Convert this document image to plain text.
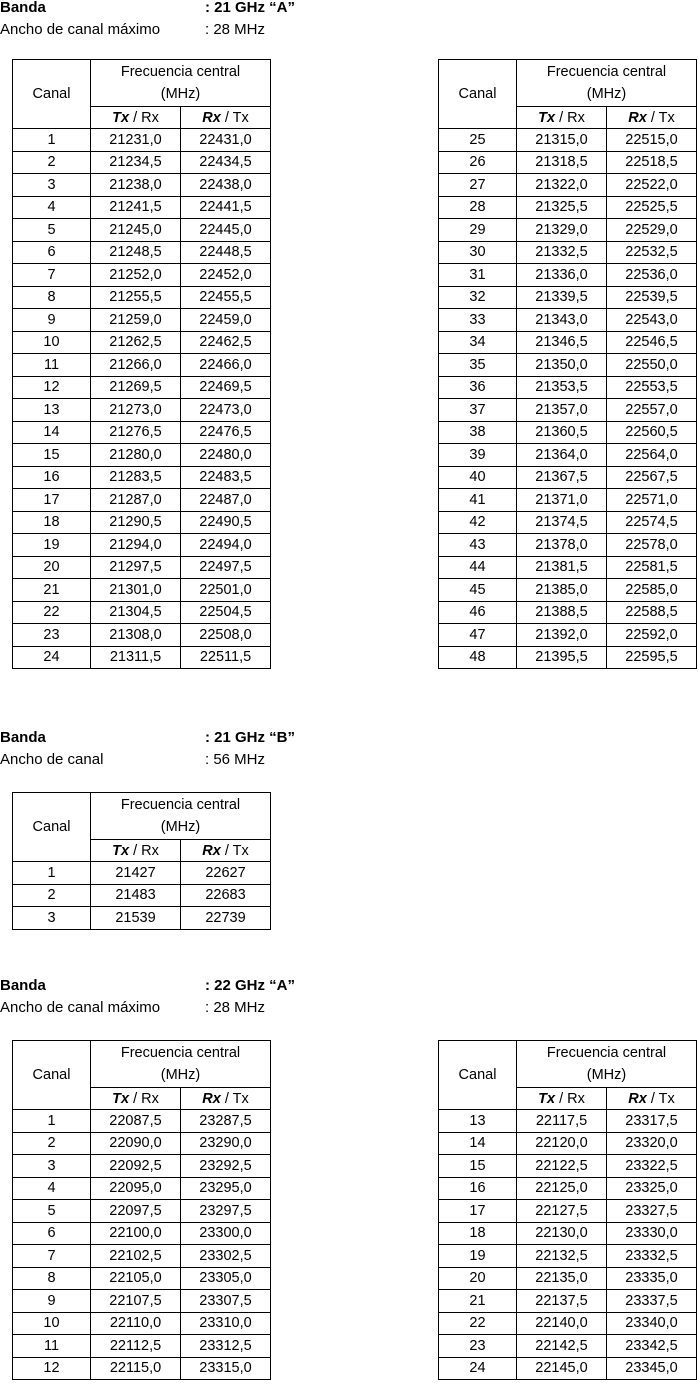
Banda	: 21 GHz “A”
Ancho de canal máximo	: 28 MHz
Banda	: 21 GHz “B”
Ancho de canal	: 56 MHz
Banda	: 22 GHz “A”
Ancho de canal máximo	: 28 MHz
Canal	Frecuencia central
(MHz)	

	Tx / Rx	Rx / Tx
1	21231,0	22431,0
2	21234,5	22434,5
3	21238,0	22438,0
4	21241,5	22441,5
5	21245,0	22445,0
6	21248,5	22448,5
7	21252,0	22452,0
8	21255,5	22455,5
9	21259,0	22459,0
10	21262,5	22462,5
11	21266,0	22466,0
12	21269,5	22469,5
13	21273,0	22473,0
14	21276,5	22476,5
15	21280,0	22480,0
16	21283,5	22483,5
17	21287,0	22487,0
18	21290,5	22490,5
19	21294,0	22494,0
20	21297,5	22497,5
21	21301,0	22501,0
22	21304,5	22504,5
23	21308,0	22508,0
24	21311,5	22511,5
Canal	Frecuencia central
(MHz)	

	Tx / Rx	Rx / Tx
25	21315,0	22515,0
26	21318,5	22518,5
27	21322,0	22522,0
28	21325,5	22525,5
29	21329,0	22529,0
30	21332,5	22532,5
31	21336,0	22536,0
32	21339,5	22539,5
33	21343,0	22543,0
34	21346,5	22546,5
35	21350,0	22550,0
36	21353,5	22553,5
37	21357,0	22557,0
38	21360,5	22560,5
39	21364,0	22564,0
40	21367,5	22567,5
41	21371,0	22571,0
42	21374,5	22574,5
43	21378,0	22578,0
44	21381,5	22581,5
45	21385,0	22585,0
46	21388,5	22588,5
47	21392,0	22592,0
48	21395,5	22595,5
Canal	Frecuencia central
(MHz)	

	Tx / Rx	Rx / Tx
1	21427	22627
2	21483	22683
3	21539	22739
Canal	Frecuencia central
(MHz)	

	Tx / Rx	Rx / Tx
1	22087,5	23287,5
2	22090,0	23290,0
3	22092,5	23292,5
4	22095,0	23295,0
5	22097,5	23297,5
6	22100,0	23300,0
7	22102,5	23302,5
8	22105,0	23305,0
9	22107,5	23307,5
10	22110,0	23310,0
11	22112,5	23312,5
12	22115,0	23315,0
Canal	Frecuencia central
(MHz)	

	Tx / Rx	Rx / Tx
13	22117,5	23317,5
14	22120,0	23320,0
15	22122,5	23322,5
16	22125,0	23325,0
17	22127,5	23327,5
18	22130,0	23330,0
19	22132,5	23332,5
20	22135,0	23335,0
21	22137,5	23337,5
22	22140,0	23340,0
23	22142,5	23342,5
24	22145,0	23345,0
